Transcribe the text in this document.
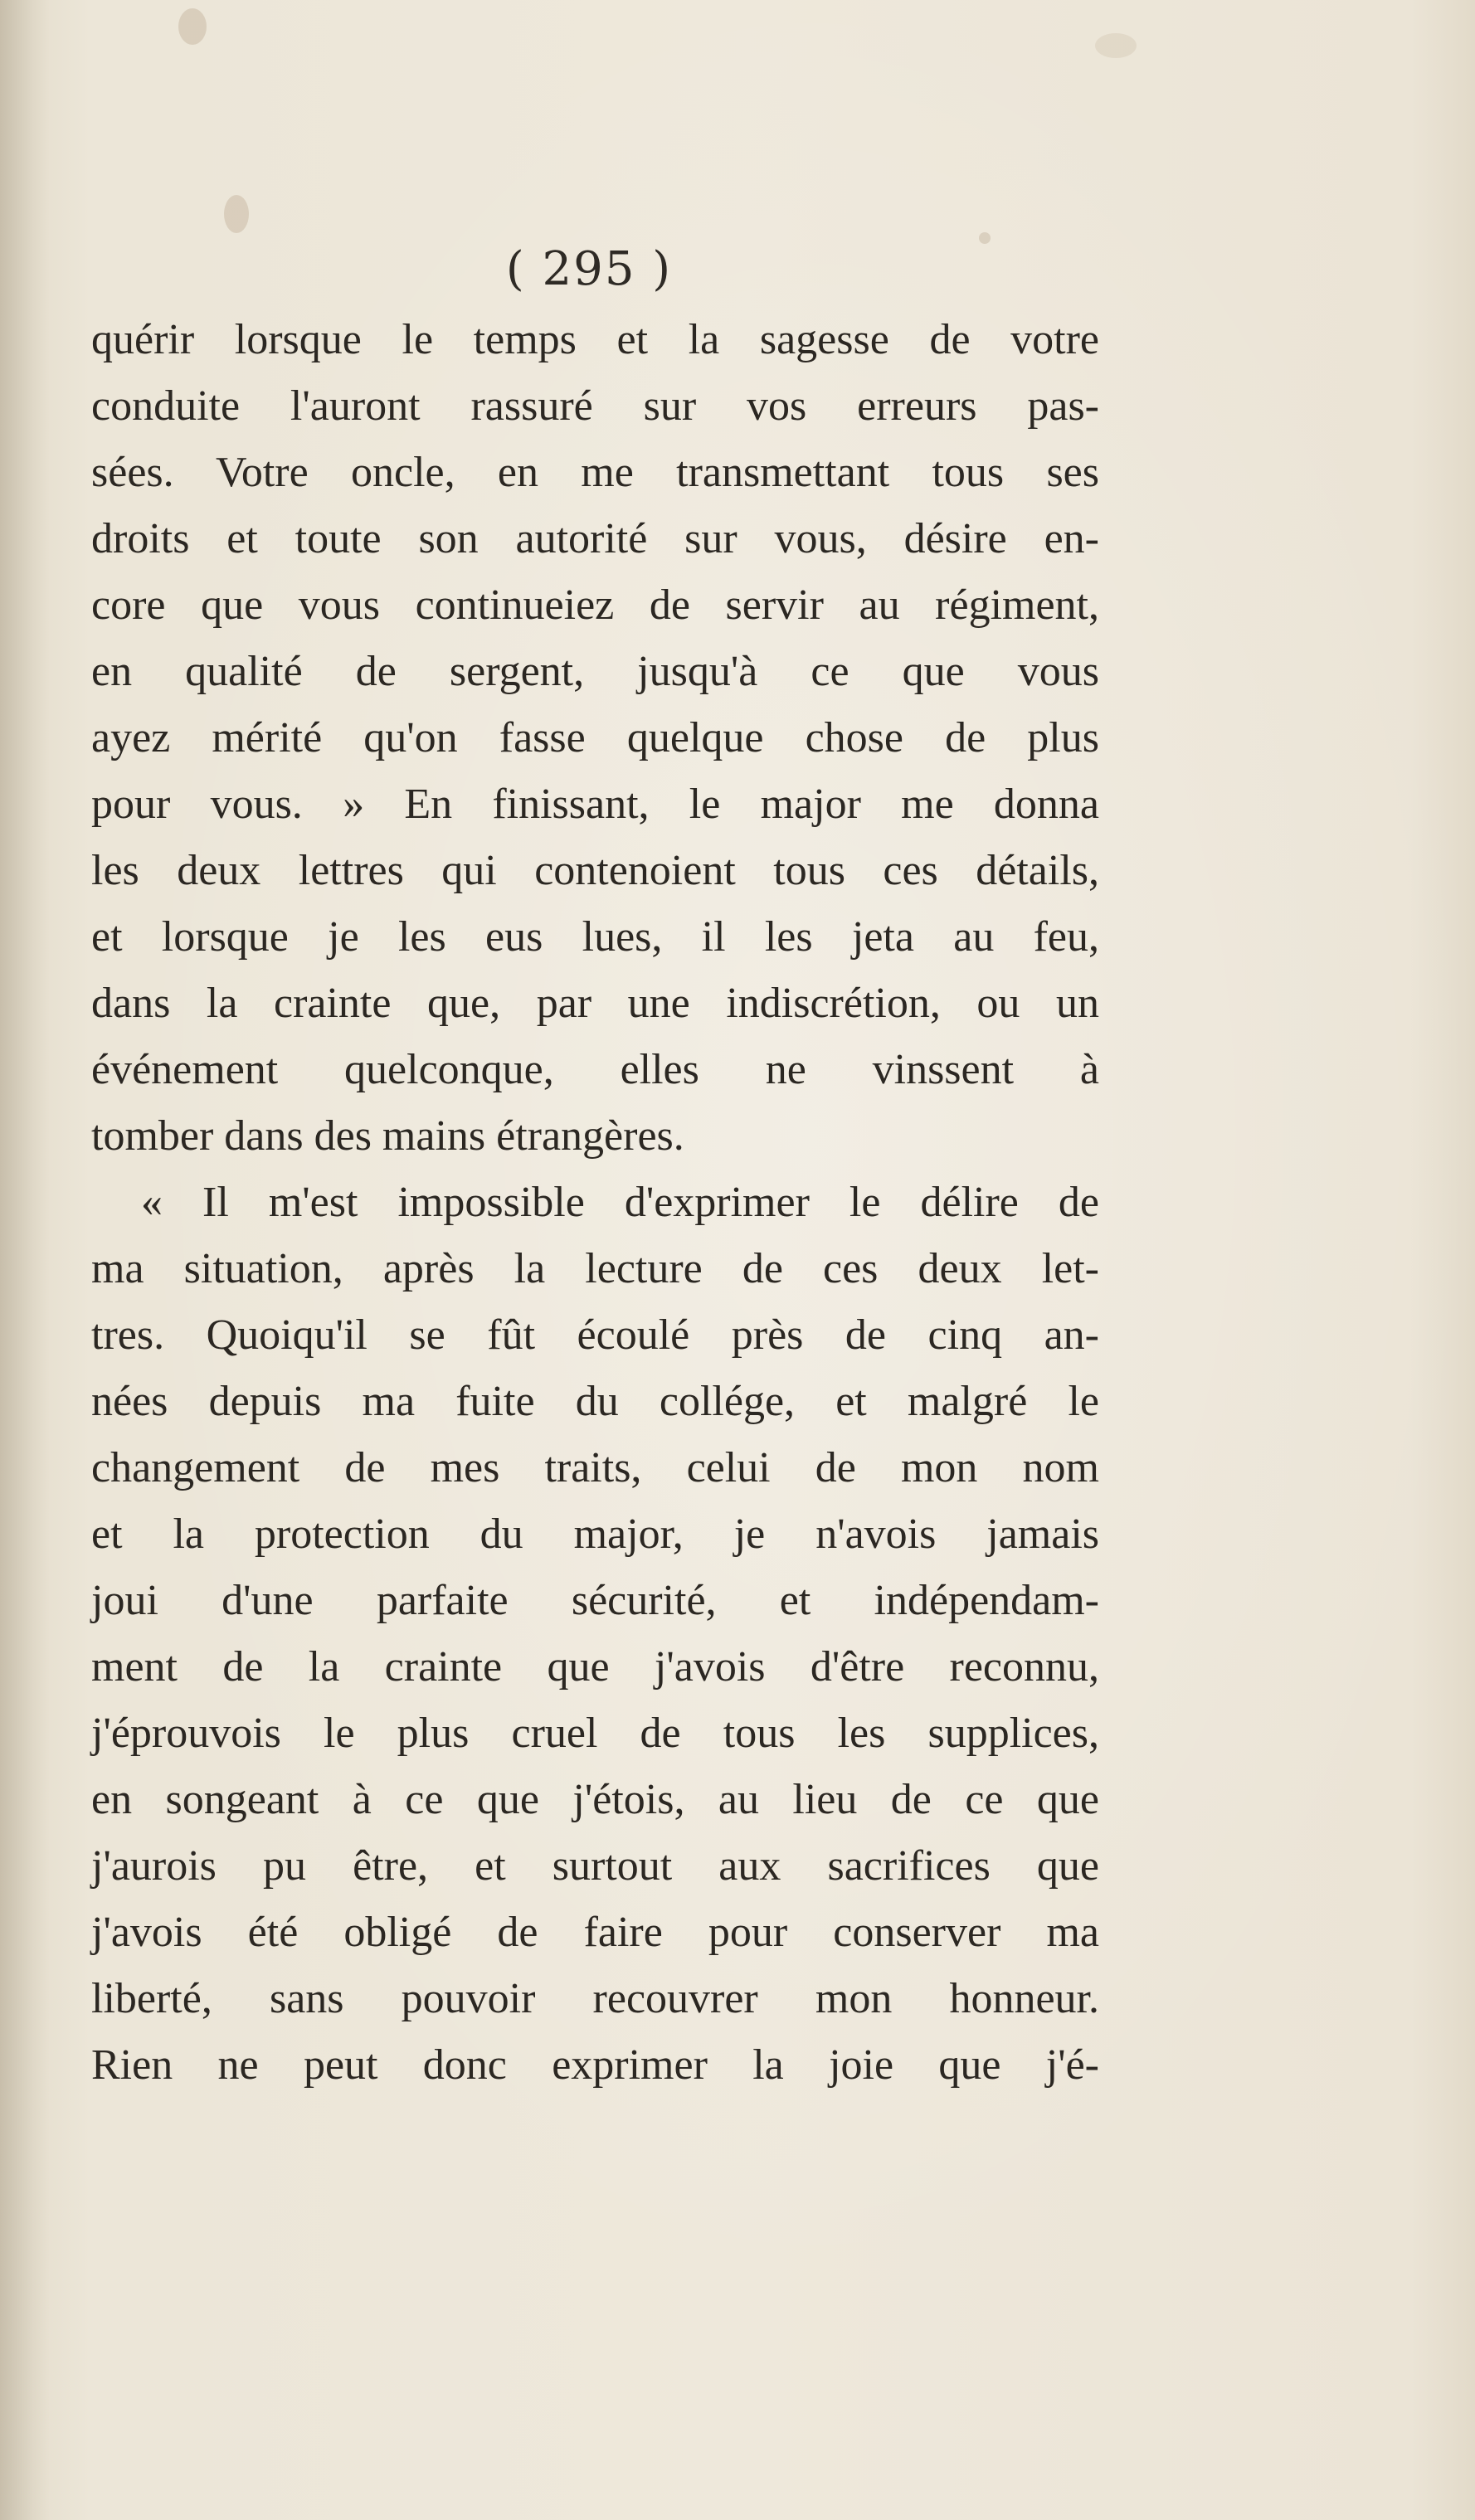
( 295 )
quérir lorsque le temps et la sagesse de votre
conduite l'auront rassuré sur vos erreurs pas-
sées. Votre oncle, en me transmettant tous ses
droits et toute son autorité sur vous, désire en-
core que vous continueiez de servir au régiment,
en qualité de sergent, jusqu'à ce que vous
ayez mérité qu'on fasse quelque chose de plus
pour vous. » En finissant, le major me donna
les deux lettres qui contenoient tous ces détails,
et lorsque je les eus lues, il les jeta au feu,
dans la crainte que, par une indiscrétion, ou un
événement quelconque, elles ne vinssent à
tomber dans des mains étrangères.
« Il m'est impossible d'exprimer le délire de
ma situation, après la lecture de ces deux let-
tres. Quoiqu'il se fût écoulé près de cinq an-
nées depuis ma fuite du collége, et malgré le
changement de mes traits, celui de mon nom
et la protection du major, je n'avois jamais
joui d'une parfaite sécurité, et indépendam-
ment de la crainte que j'avois d'être reconnu,
j'éprouvois le plus cruel de tous les supplices,
en songeant à ce que j'étois, au lieu de ce que
j'aurois pu être, et surtout aux sacrifices que
j'avois été obligé de faire pour conserver ma
liberté, sans pouvoir recouvrer mon honneur.
Rien ne peut donc exprimer la joie que j'é-
